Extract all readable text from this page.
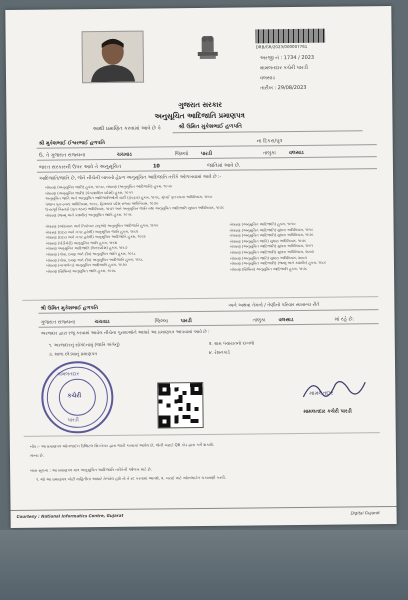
DRB/GR/2023/000007761
અરજી નં : 1734 / 2023
મામલતદાર કચેરી પારડી
વલસાડ
તારીખ : 29/08/2023
ગુજરાત સરકાર
અનુસૂચિત આદિજાતિ પ્રમાણપત્ર
આથી પ્રમાણિત કરવામાં આવે છે કે	શ્રી ઉમિત મુકેશભાઈ હળપતિ
શ્રી મુકેશભાઈ ઈશ્વરભાઈ હળપતિ	ના દિકરા/પુત્ર
ઉ. તે ગુજરાત રાજ્યના	ચચવાડ	જિલ્લો પારડી	તાલુકા	વલસાડ
ભારત સરકારની ઉપર આવે તે અનુસૂચિત	10	જાતિમાં આવે છે.
આદિજાતિ/જાતિ છે, જેને નીચેની બાબતો હેઠળ અનુસૂચિત આદિજાતિ તરીકે ઓળખવામાં આવે છે :-
બંધારણ (અનુસૂચિત જાતિ) હુકમ, ૧૯૫૦, બંધારણ (અનુસૂચિત આદિજાતિ) હુકમ, ૧૯૫૦
બંધારણ (અનુસૂચિત જાતિ) (કેન્દ્રશાસિત પ્રદેશો) હુકમ, ૧૯૫૧
અનુસૂચિત જાતિ અને અનુસૂચિત આદિજાતિઓની યાદી (ફેરફાર) હુકમ, ૧૯૫૬, મુંબઈ પુનઃરચના અધિનિયમ, ૧૯૬૦
પંજાબ પુનઃરચના અધિનિયમ, ૧૯૬૬, હિમાચલ પ્રદેશ રાજ્ય અધિનિયમ, ૧૯૭૦
ઉત્તરપૂર્વ વિસ્તારો (પુનઃગઠન) અધિનિયમ, ૧૯૭૧ અને અનુસૂચિત જાતિ તથા અનુસૂચિત આદિજાતિ સુધારા અધિનિયમ, ૧૯૭૬
બંધારણ (જમ્મુ અને કાશ્મીર) અનુસૂચિત જાતિ હુકમ, ૧૯૫૬
બંધારણ (આંદામાન અને નિકોબાર ટાપુઓ) અનુસૂચિત આદિજાતિ હુકમ, ૧૯૫૯
બંધારણ (દાદરા અને નગર હવેલી) અનુસૂચિત જાતિ હુકમ, ૧૯૬૨
બંધારણ (દાદરા અને નગર હવેલી) અનુસૂચિત આદિજાતિ હુકમ, ૧૯૬૨
બંધારણ (પોંડીચેરી) અનુસૂચિત જાતિ હુકમ, ૧૯૬૪
બંધારણ અનુસૂચિત આદિજાતિ (ઉત્તરપ્રદેશ) હુકમ, ૧૯૬૭
બંધારણ (ગોવા, દમણ અને દીવ) અનુસૂચિત જાતિ હુકમ, ૧૯૬૮
બંધારણ (ગોવા, દમણ અને દીવ) અનુસૂચિત આદિજાતિ હુકમ, ૧૯૬૮
બંધારણ (નાગાલેન્ડ) અનુસૂચિત આદિજાતિ હુકમ, ૧૯૭૦
બંધારણ (સિક્કિમ) અનુસૂચિત જાતિ હુકમ, ૧૯૭૮
બંધારણ (અનુસૂચિત આદિજાતિ) હુકમ, ૧૯૫૦
બંધારણ (અનુસૂચિત આદિજાતિ) સુધારા અધિનિયમ, ૧૯૫૬
બંધારણ (અનુસૂચિત આદિજાતિ) સુધારા અધિનિયમ, ૧૯૭૬
બંધારણ (અનુસૂચિત જાતિ) સુધારા અધિનિયમ, ૧૯૭૬
બંધારણ (અનુસૂચિત આદિજાતિ) સુધારા અધિનિયમ, ૧૯૯૧
બંધારણ (અનુસૂચિત આદિજાતિ) સુધારા અધિનિયમ, ૨૦૦૨
બંધારણ (અનુસૂચિત જાતિ) સુધારા અધિનિયમ, ૨૦૦૩
બંધારણ (અનુસૂચિત આદિજાતિ) (જમ્મુ અને કાશ્મીર) હુકમ, ૧૯૮૯
બંધારણ (સિક્કિમ) અનુસૂચિત આદિજાતિ હુકમ, ૧૯૭૮
શ્રી ઉમિત મુકેશભાઈ હળપતિ	અને અથવા તેમનો / તેણીનો પરિવાર સામાન્ય રીતે
ગુજરાત રાજ્યના	ચચવાડ	જિલ્લા પારડી	તાલુકા	વલસાડ	માં રહે છે.
અરજદાર દ્વારા રજૂ કરવામાં આવેલ નીચેના પુરાવાઓને આધારે આ પ્રમાણપત્ર આપવામાં આવે છે :
૧. અરજદારનું સોગંદનામું (જાતિ અંગેનું)	૨. ગ્રામ પંચાયતનો દાખલો
૩. શાળા છોડ્યાનું પ્રમાણપત્ર	૪. રેશનકાર્ડ
મામલતદાર
કચેરી
પારડી
મામલતદાર
મામલતદાર કચેરી પારડી
નોંધ :- આ પ્રમાણપત્ર ઓનલાઈન ડિજિટલ સિગ્નેચર દ્વારા જારી કરવામાં આવેલ છે, જેની ખરાઈ QR કોડ દ્વારા કરી શકાશે.
માન્ય છે.
ખાસ સૂચના : આ પ્રમાણપત્ર માત્ર અનુસૂચિત આદિજાતિ તરીકેની ઓળખ માટે છે.
૧. જો આ પ્રમાણપત્ર ખોટી માહિતીના આધારે મેળવેલ હશે તો તે રદ કરવામાં આવશે. ૨. ખરાઈ માટે ઓનલાઈન ચકાસણી કરવી.
Courtesy : National Informatics Centre, Gujarat
Digital Gujarat
